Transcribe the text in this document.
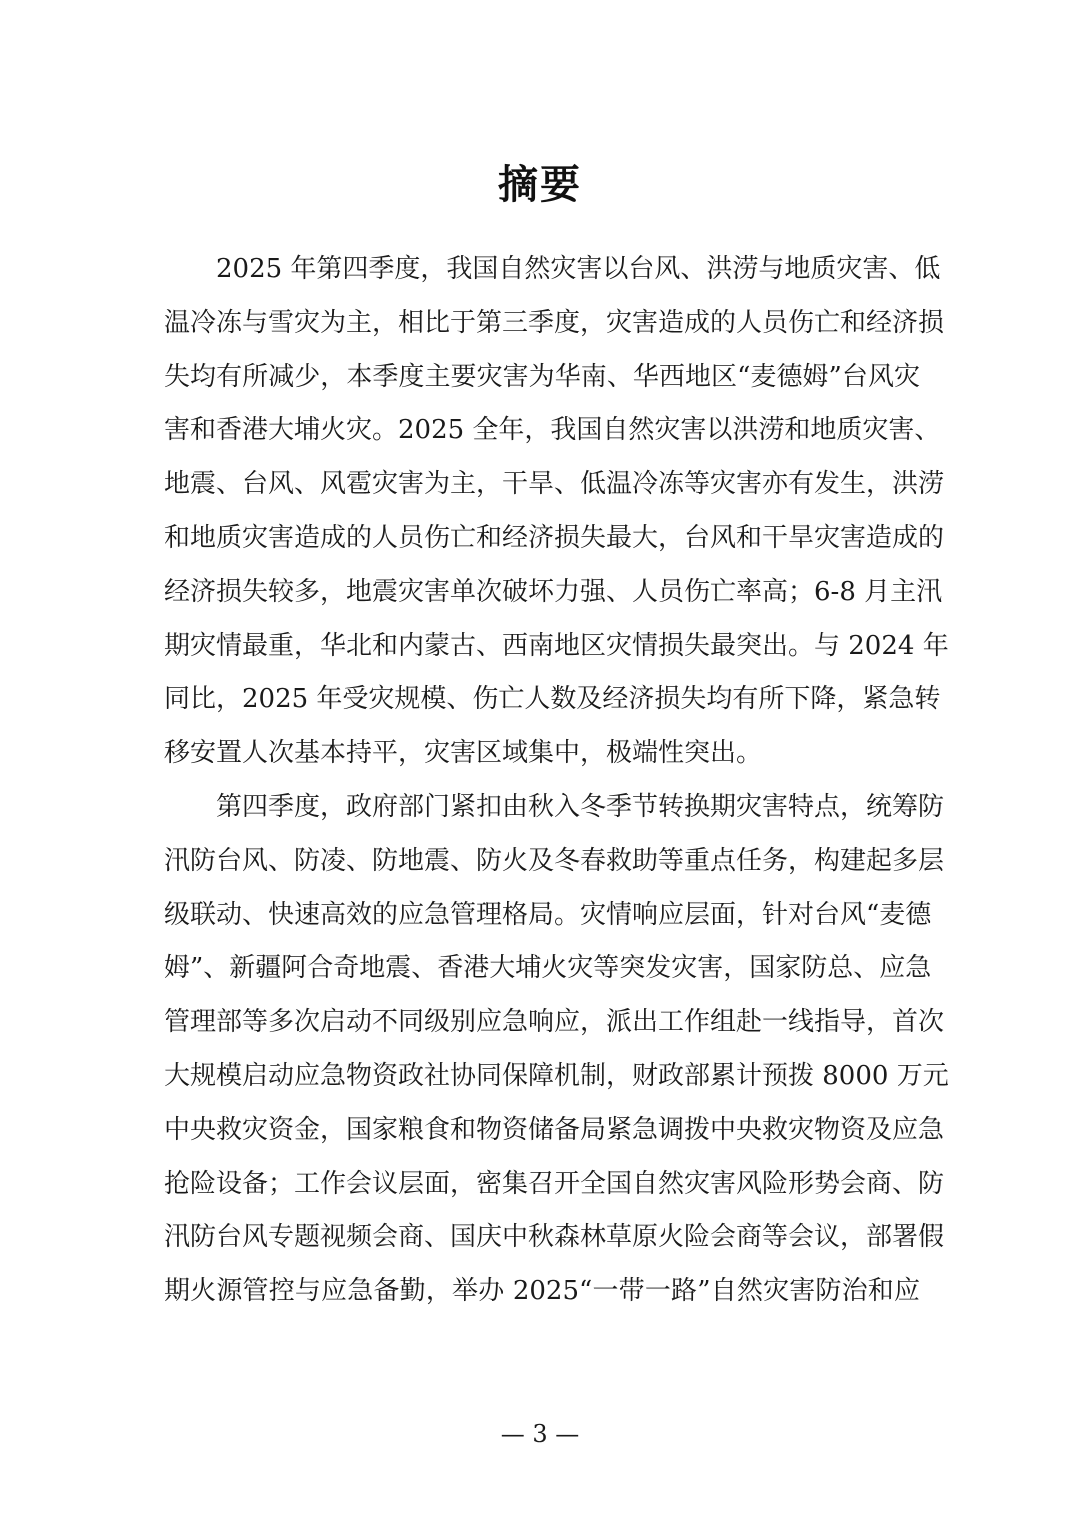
摘要
2025 年第四季度，我国自然灾害以台风、洪涝与地质灾害、低
温冷冻与雪灾为主，相比于第三季度，灾害造成的人员伤亡和经济损
失均有所减少，本季度主要灾害为华南、华西地区“麦德姆”台风灾
害和香港大埔火灾。2025 全年，我国自然灾害以洪涝和地质灾害、
地震、台风、风雹灾害为主，干旱、低温冷冻等灾害亦有发生，洪涝
和地质灾害造成的人员伤亡和经济损失最大，台风和干旱灾害造成的
经济损失较多，地震灾害单次破坏力强、人员伤亡率高；6-8 月主汛
期灾情最重，华北和内蒙古、西南地区灾情损失最突出。与 2024 年
同比，2025 年受灾规模、伤亡人数及经济损失均有所下降，紧急转
移安置人次基本持平，灾害区域集中，极端性突出。
第四季度，政府部门紧扣由秋入冬季节转换期灾害特点，统筹防
汛防台风、防凌、防地震、防火及冬春救助等重点任务，构建起多层
级联动、快速高效的应急管理格局。灾情响应层面，针对台风“麦德
姆”、新疆阿合奇地震、香港大埔火灾等突发灾害，国家防总、应急
管理部等多次启动不同级别应急响应，派出工作组赴一线指导，首次
大规模启动应急物资政社协同保障机制，财政部累计预拨 8000 万元
中央救灾资金，国家粮食和物资储备局紧急调拨中央救灾物资及应急
抢险设备；工作会议层面，密集召开全国自然灾害风险形势会商、防
汛防台风专题视频会商、国庆中秋森林草原火险会商等会议，部署假
期火源管控与应急备勤，举办 2025“一带一路”自然灾害防治和应
— 3 —
